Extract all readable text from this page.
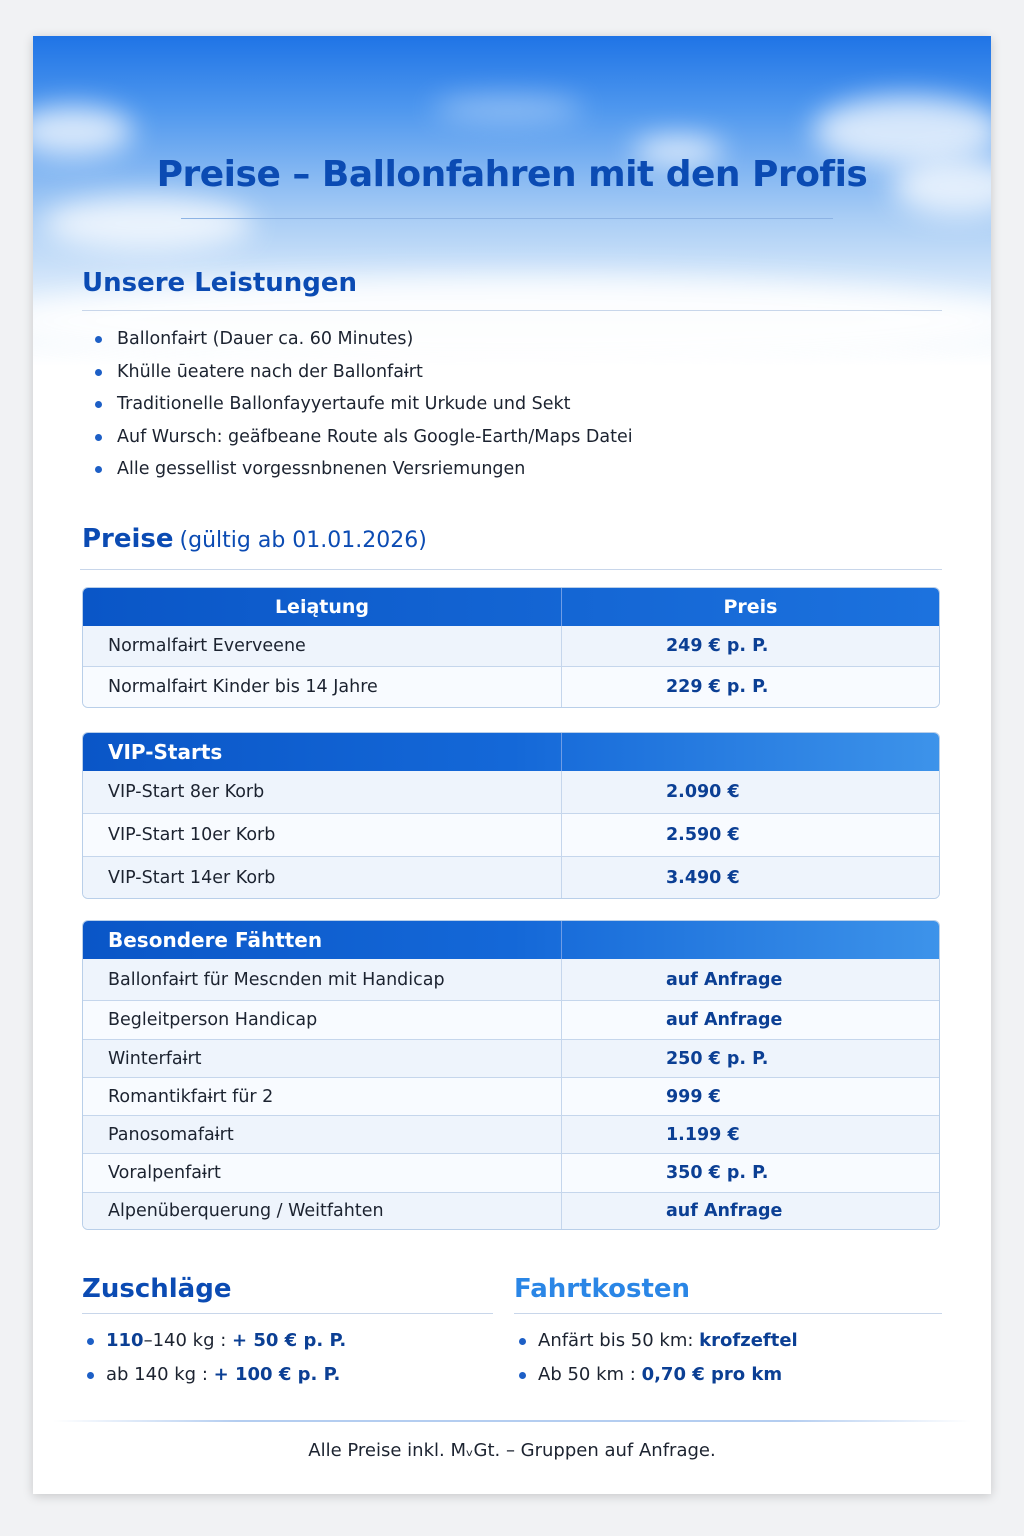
Preise – Ballonfahren mit den Profis
Unsere Leistungen
Ballonfaɨrt (Dauer ca. 60 Minutes)
Khülle ūeatere nach der Ballonfaɨrt
Traditionelle Ballonfayyertaufe mit Urkude und Sekt
Auf Wursch: geäfbeane Route als Google-Earth/Maps Datei
Alle gessellist vorgessnbnenen Versriemungen
Preise (gültig ab 01.01.2026)
Leiątung	Preis
Normalfaɨrt Everveene	249 € p. P.
Normalfaɨrt Kinder bis 14 Jahre	229 € p. P.
VIP-Starts
VIP-Start 8er Korb	2.090 €
VIP-Start 10er Korb	2.590 €
VIP-Start 14er Korb	3.490 €
Besondere Fähtten
Ballonfaɨrt für Mescnden mit Handicap	auf Anfrage
Begleitperson Handicap	auf Anfrage
Winterfaɨrt	250 € p. P.
Romantikfaɨrt für 2	999 €
Panosomafaɨrt	1.199 €
Voralpenfaɨrt	350 € p. P.
Alpenüberquerung / Weitfahten	auf Anfrage
Zuschläge
110–140 kg : + 50 € p. P.
ab 140 kg : + 100 € p. P.
Fahrtkosten
Anfärt bis 50 km: krofzeftel
Ab 50 km : 0,70 € pro km
Alle Preise inkl. MᵥGt. – Gruppen auf Anfrage.
